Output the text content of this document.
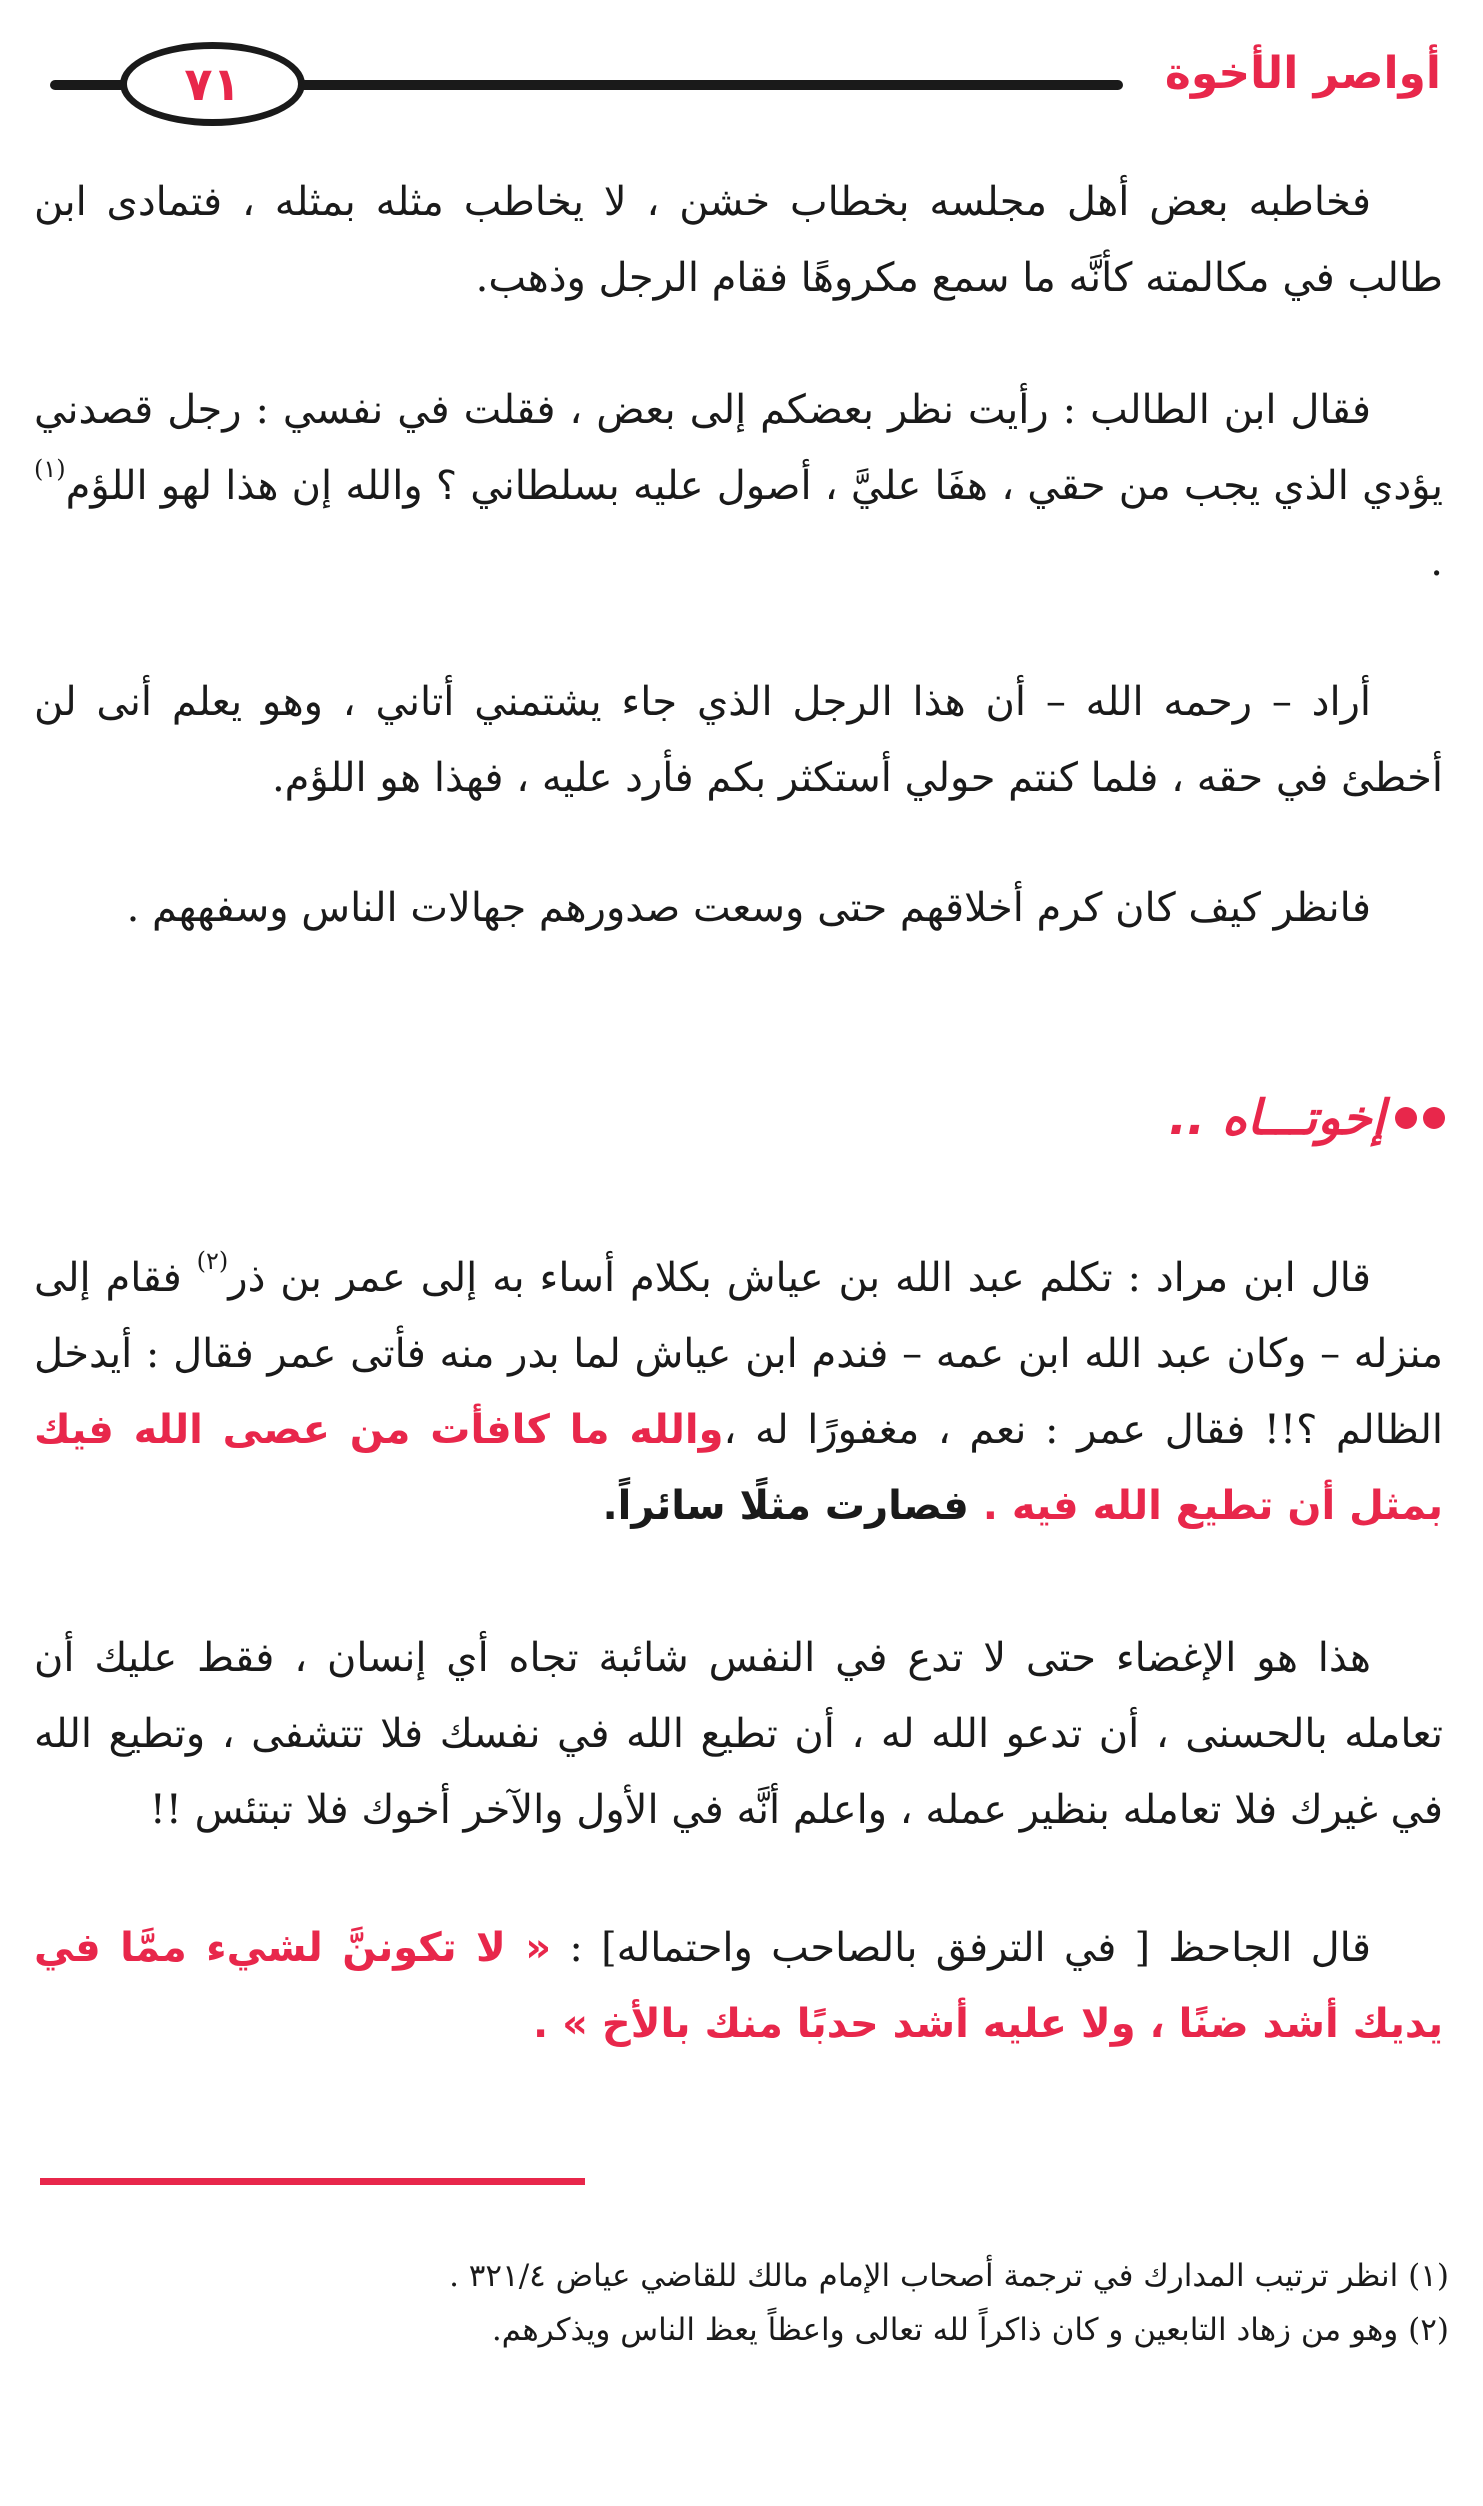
أواصر الأخوة
٧١

فخاطبه بعض أهل مجلسه بخطاب خشن ، لا يخاطب مثله بمثله ، فتمادى ابن طالب في مكالمته كأنَّه ما سمع مكروهًا فقام الرجل وذهب.

فقال ابن الطالب : رأيت نظر بعضكم إلى بعض ، فقلت في نفسي : رجل قصدني يؤدي الذي يجب من حقي ، هفَا عليَّ ، أصول عليه بسلطاني ؟ والله إن هذا لهو اللؤم$^{(١)}$ .

أراد – رحمه الله – أن هذا الرجل الذي جاء يشتمني أتاني ، وهو يعلم أنى لن أخطئ في حقه ، فلما كنتم حولي أستكثر بكم فأرد عليه ، فهذا هو اللؤم.

فانظر كيف كان كرم أخلاقهم حتى وسعت صدورهم جهالات الناس وسفههم .

إخوتـــاه ..

قال ابن مراد : تكلم عبد الله بن عياش بكلام أساء به إلى عمر بن ذر$^{(٢)}$ فقام إلى منزله – وكان عبد الله ابن عمه – فندم ابن عياش لما بدر منه فأتى عمر فقال : أيدخل الظالم ؟!! فقال عمر : نعم ، مغفورًا له ،والله ما كافأت من عصى الله فيك بمثل أن تطيع الله فيه . فصارت مثلًا سائراً.

هذا هو الإغضاء حتى لا تدع في النفس شائبة تجاه أي إنسان ، فقط عليك أن تعامله بالحسنى ، أن تدعو الله له ، أن تطيع الله في نفسك فلا تتشفى ، وتطيع الله في غيرك فلا تعامله بنظير عمله ، واعلم أنَّه في الأول والآخر أخوك فلا تبتئس !!

قال الجاحظ [ في الترفق بالصاحب واحتماله] : « لا تكوننَّ لشيء ممَّا في يديك أشد ضنًا ، ولا عليه أشد حدبًا منك بالأخ » .

(١) انظر ترتيب المدارك في ترجمة أصحاب الإمام مالك للقاضي عياض ٣٢١/٤ .

(٢) وهو من زهاد التابعين و كان ذاكراً لله تعالى واعظاً يعظ الناس ويذكرهم.
